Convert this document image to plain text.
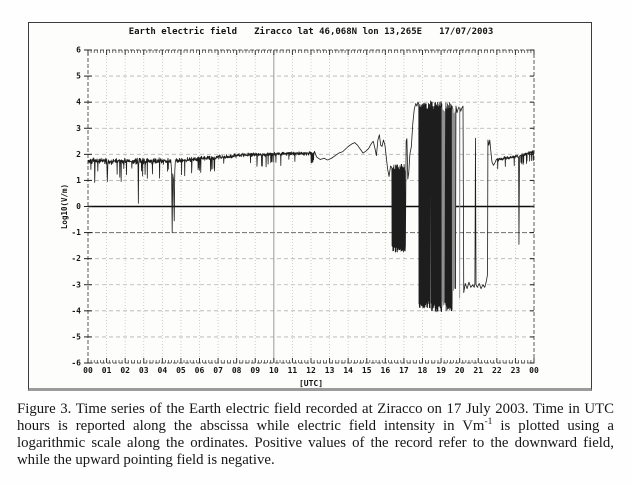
00 01 02 03 04 05 06 07 08 09 10 11 12 13 14 15 16 17 18 19 20 21 22 23 00
6
5
4
3
2
1
0
-1
-2
-3
-4
-5
-6
[UTC]
Log10(V/m)
Earth electric field Ziracco lat 46,068N lon 13,265E 17/07/2003

Figure 3. Time series of the Earth electric field recorded at Ziracco on 17 July 2003. Time in UTC hours is reported along the abscissa while electric field intensity in $Vm^{-1}$ is plotted using a logarithmic scale along the ordinates. Positive values of the record refer to the downward field, while the upward pointing field is negative.
